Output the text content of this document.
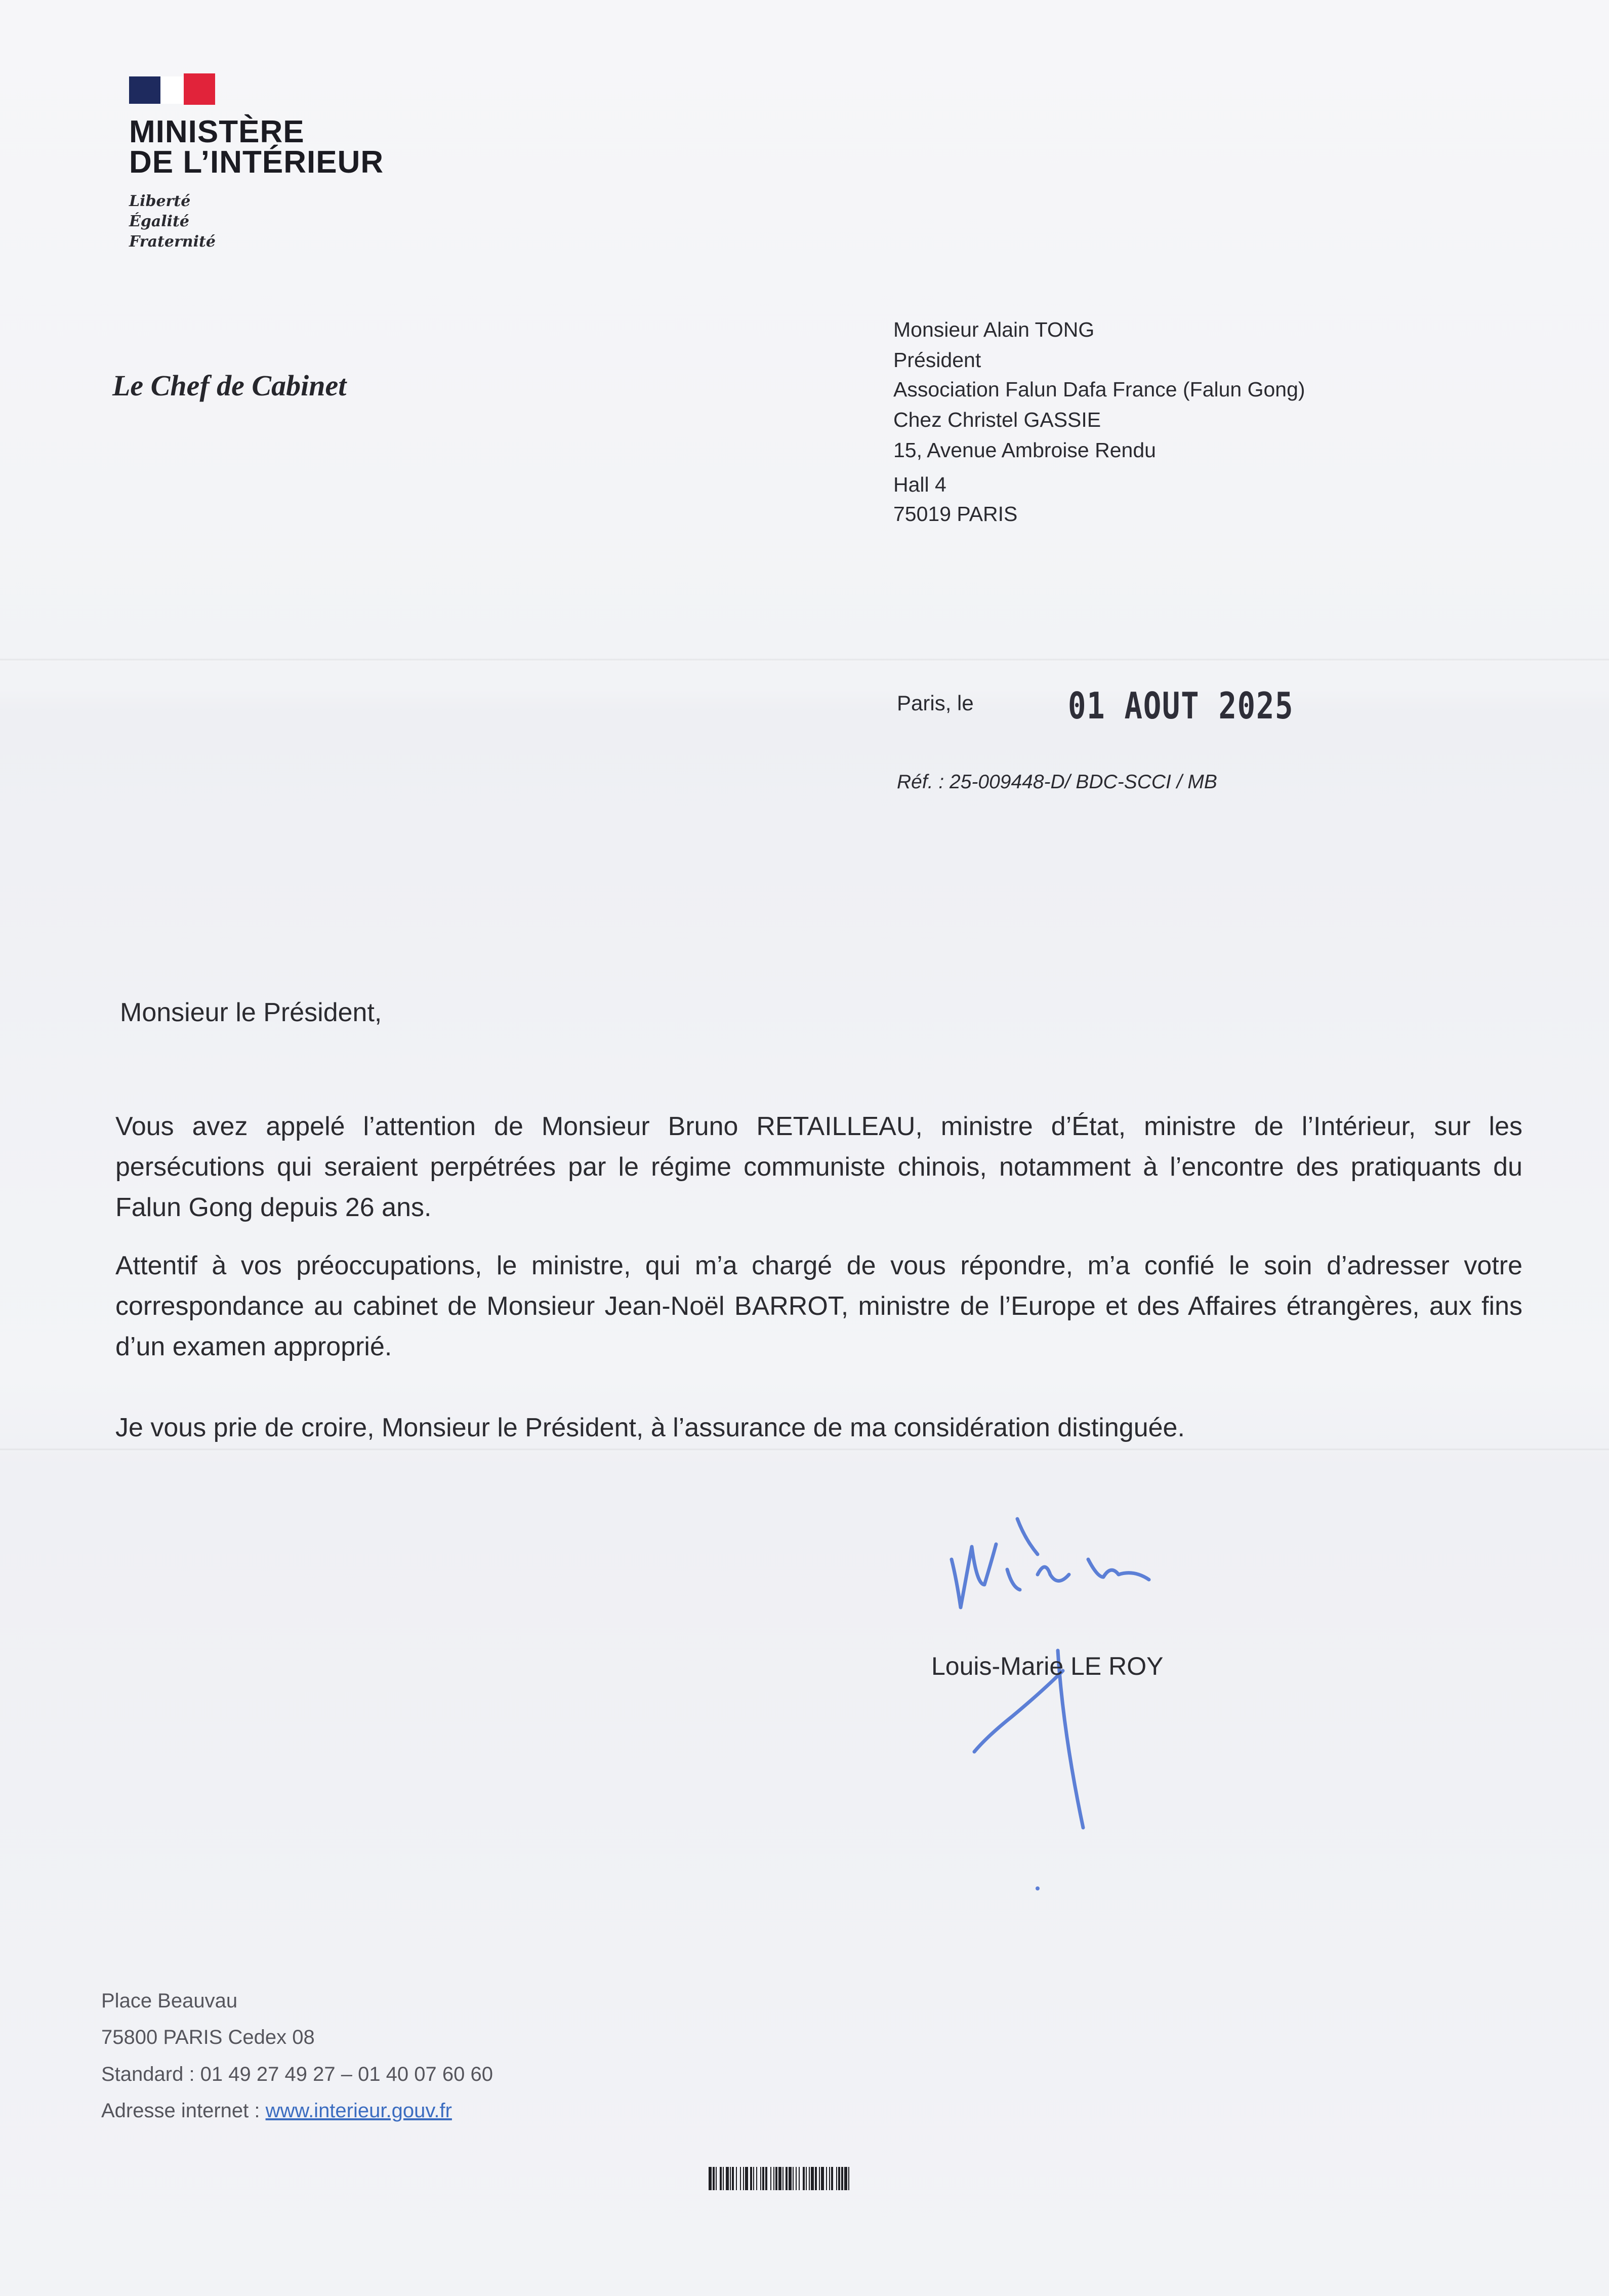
MINISTÈRE
DE L’INTÉRIEUR
Liberté
Égalité
Fraternité
Le Chef de Cabinet
Monsieur Alain TONG
Président
Association Falun Dafa France (Falun Gong)
Chez Christel GASSIE
15, Avenue Ambroise Rendu
Hall 4
75019 PARIS
Paris, le	01 AOUT 2025
Réf. : 25-009448-D/ BDC-SCCI / MB
Monsieur le Président,
Vous avez appelé l’attention de Monsieur Bruno RETAILLEAU, ministre d’État, ministre de l’Intérieur, sur les persécutions qui seraient perpétrées par le régime communiste chinois, notamment à l’encontre des pratiquants du Falun Gong depuis 26 ans.
Attentif à vos préoccupations, le ministre, qui m’a chargé de vous répondre, m’a confié le soin d’adresser votre correspondance au cabinet de Monsieur Jean-Noël BARROT, ministre de l’Europe et des Affaires étrangères, aux fins d’un examen approprié.
Je vous prie de croire, Monsieur le Président, à l’assurance de ma considération distinguée.
Louis-Marie LE ROY
Place Beauvau
75800 PARIS Cedex 08
Standard : 01 49 27 49 27 – 01 40 07 60 60
Adresse internet : www.interieur.gouv.fr
